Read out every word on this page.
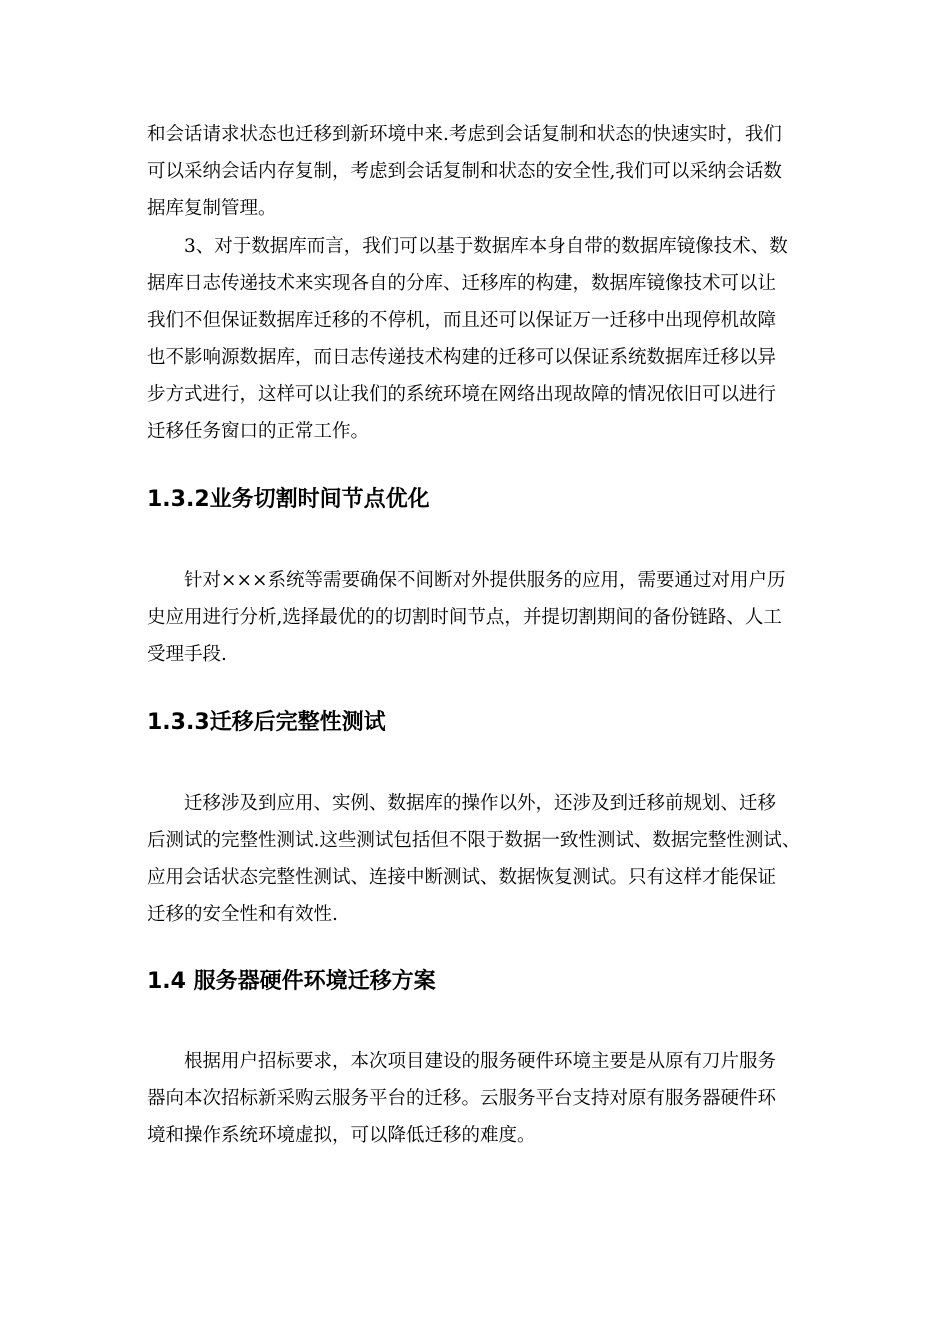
和会话请求状态也迁移到新环境中来.考虑到会话复制和状态的快速实时，我们
可以采纳会话内存复制，考虑到会话复制和状态的安全性,我们可以采纳会话数
据库复制管理。
3、对于数据库而言，我们可以基于数据库本身自带的数据库镜像技术、数
据库日志传递技术来实现各自的分库、迁移库的构建，数据库镜像技术可以让
我们不但保证数据库迁移的不停机，而且还可以保证万一迁移中出现停机故障
也不影响源数据库，而日志传递技术构建的迁移可以保证系统数据库迁移以异
步方式进行，这样可以让我们的系统环境在网络出现故障的情况依旧可以进行
迁移任务窗口的正常工作。
1.3.2业务切割时间节点优化
针对×××系统等需要确保不间断对外提供服务的应用，需要通过对用户历
史应用进行分析,选择最优的的切割时间节点，并提切割期间的备份链路、人工
受理手段.
1.3.3迁移后完整性测试
迁移涉及到应用、实例、数据库的操作以外，还涉及到迁移前规划、迁移
后测试的完整性测试.这些测试包括但不限于数据一致性测试、数据完整性测试、
应用会话状态完整性测试、连接中断测试、数据恢复测试。只有这样才能保证
迁移的安全性和有效性.
1.4 服务器硬件环境迁移方案
根据用户招标要求，本次项目建设的服务硬件环境主要是从原有刀片服务
器向本次招标新采购云服务平台的迁移。云服务平台支持对原有服务器硬件环
境和操作系统环境虚拟，可以降低迁移的难度。
